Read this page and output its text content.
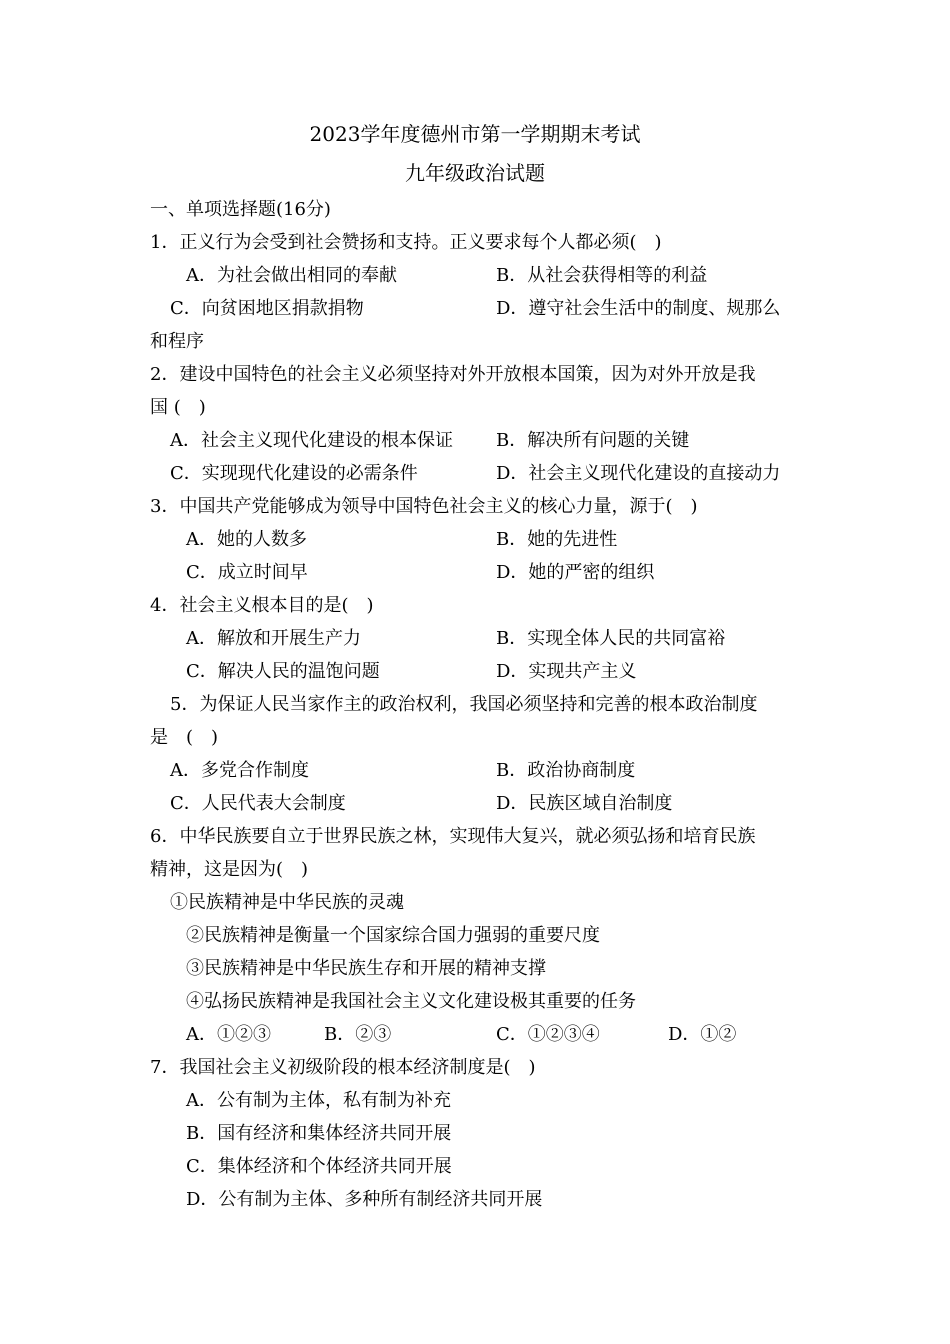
2023学年度德州市第一学期期末考试
九年级政治试题
一、单项选择题(16分)
1．正义行为会受到社会赞扬和支持。正义要求每个人都必须(　)
A．为社会做出相同的奉献	B．从社会获得相等的利益
C．向贫困地区捐款捐物	D．遵守社会生活中的制度、规那么
和程序
2．建设中国特色的社会主义必须坚持对外开放根本国策，因为对外开放是我
国 (　)
A．社会主义现代化建设的根本保证 B．解决所有问题的关键
C．实现现代化建设的必需条件	D．社会主义现代化建设的直接动力
3．中国共产党能够成为领导中国特色社会主义的核心力量，源于(　)
A．她的人数多	B．她的先进性
C．成立时间早	D．她的严密的组织
4．社会主义根本目的是(　)
A．解放和开展生产力	B．实现全体人民的共同富裕
C．解决人民的温饱问题	D．实现共产主义
5．为保证人民当家作主的政治权利，我国必须坚持和完善的根本政治制度
是　(　)
A．多党合作制度	B．政治协商制度
C．人民代表大会制度	D．民族区域自治制度
6．中华民族要自立于世界民族之林，实现伟大复兴，就必须弘扬和培育民族
精神，这是因为(　)
①民族精神是中华民族的灵魂
②民族精神是衡量一个国家综合国力强弱的重要尺度
③民族精神是中华民族生存和开展的精神支撑
④弘扬民族精神是我国社会主义文化建设极其重要的任务
A．①②③	B．②③	C．①②③④	D．①②
7．我国社会主义初级阶段的根本经济制度是(　)
A．公有制为主体，私有制为补充
B．国有经济和集体经济共同开展
C．集体经济和个体经济共同开展
D．公有制为主体、多种所有制经济共同开展
